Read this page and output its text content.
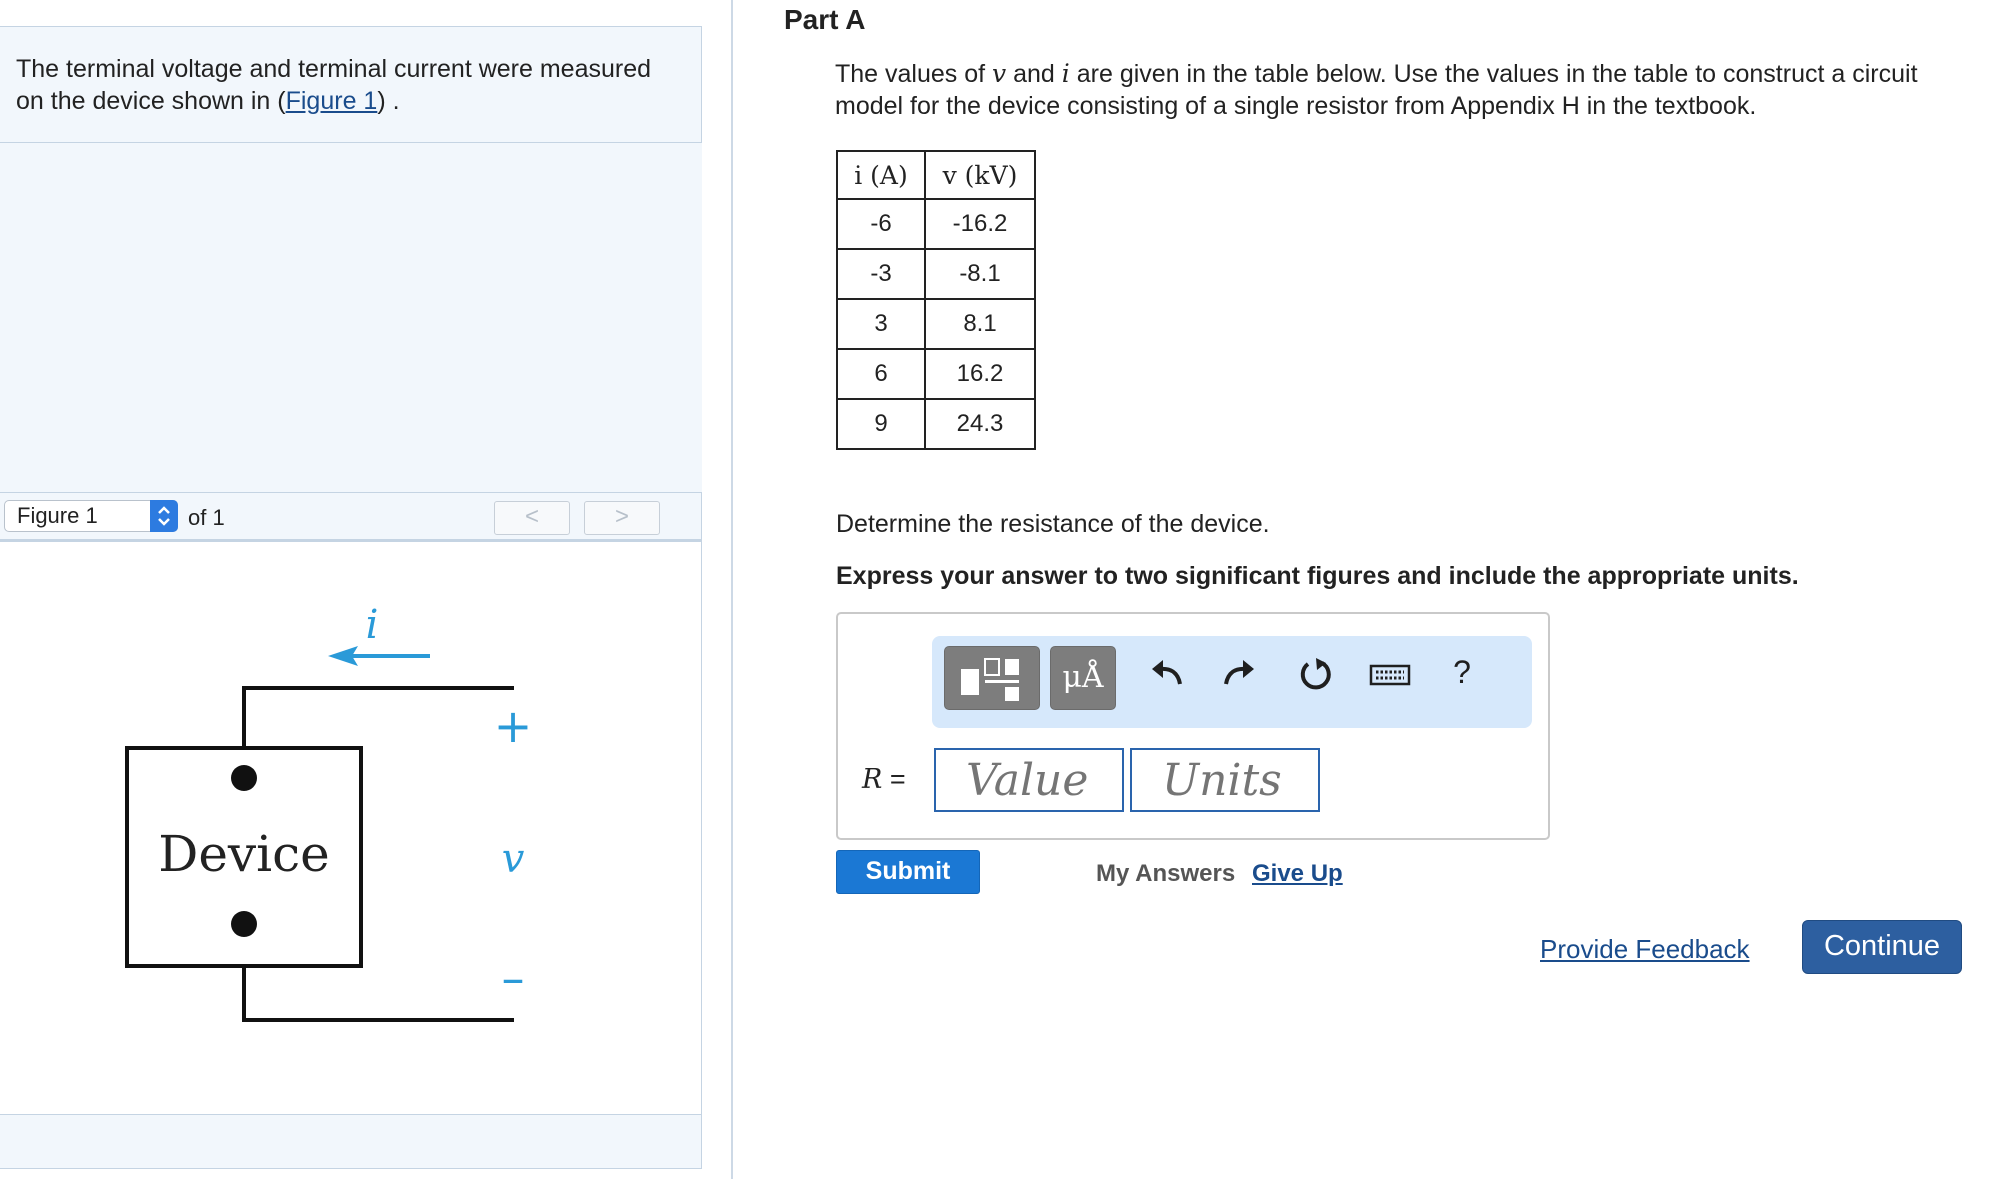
The terminal voltage and terminal current were measured on the device shown in (Figure 1) .
Figure 1	of 1	<	>
i
Device
+
v
–
Part A
The values of v and i are given in the table below. Use the values in the table to construct a circuit model for the device consisting of a single resistor from Appendix H in the textbook.
i (A)	v (kV)
-6	-16.2
-3	-8.1
3	8.1
6	16.2
9	24.3
Determine the resistance of the device.
Express your answer to two significant figures and include the appropriate units.
μÅ	?
R =
Value
Units
Submit	My Answers Give Up
Provide Feedback	Continue
